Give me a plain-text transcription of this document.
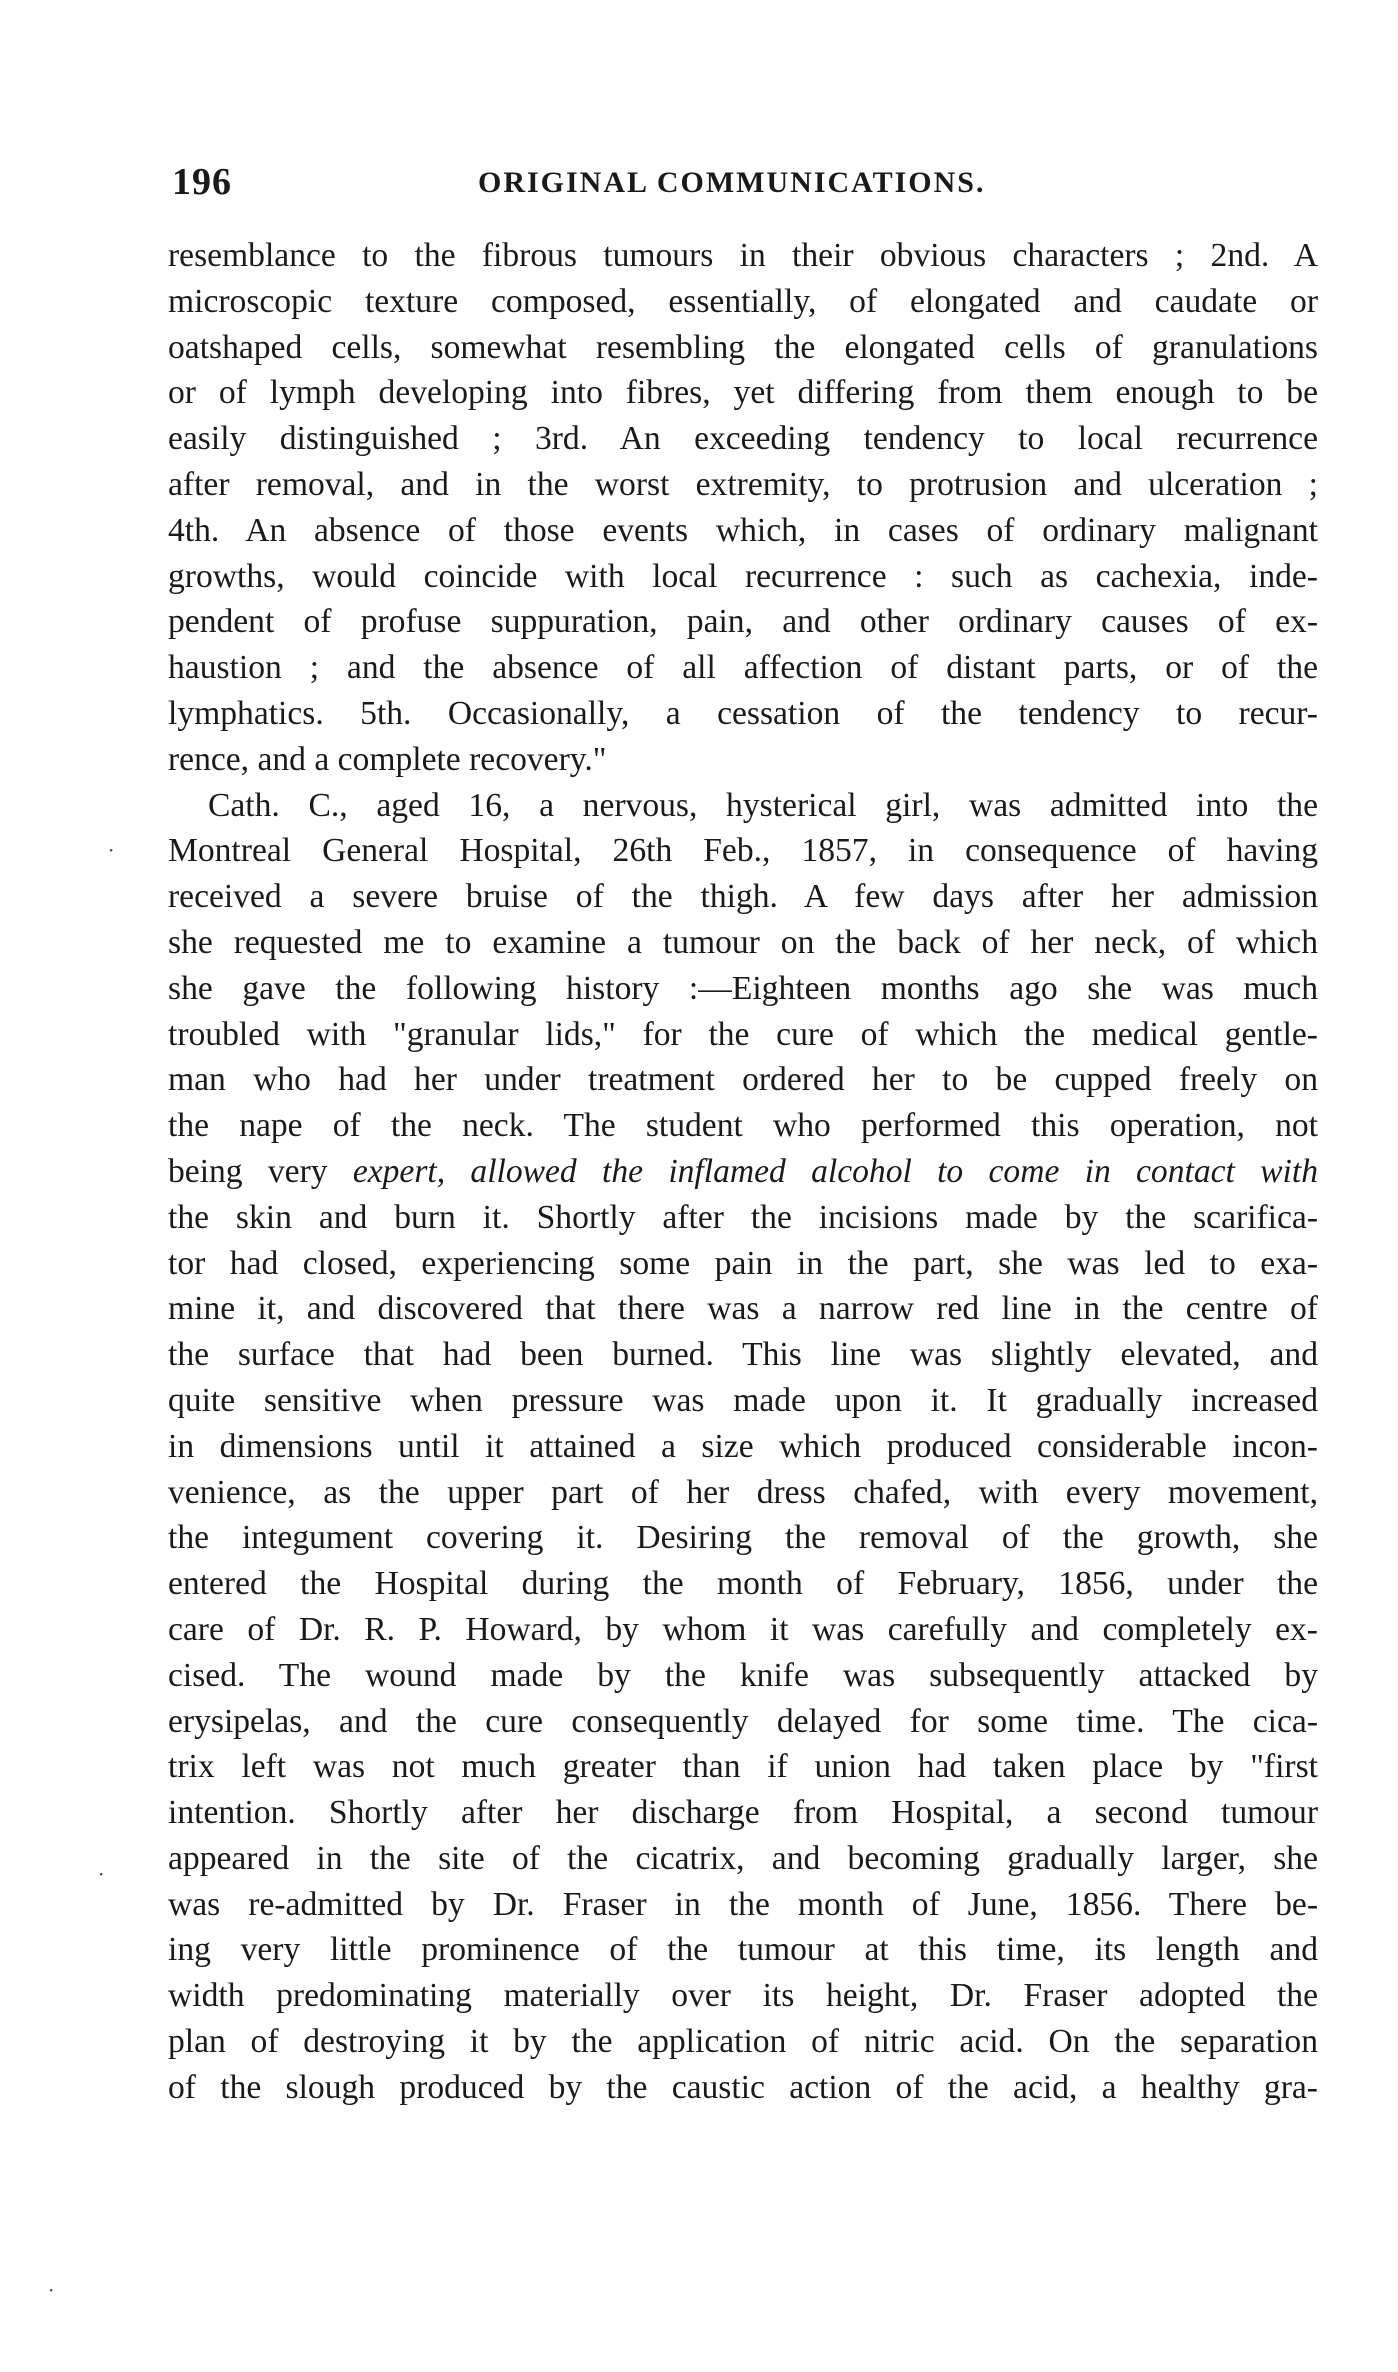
196	ORIGINAL COMMUNICATIONS.
resemblance to the fibrous tumours in their obvious characters ; 2nd. A
microscopic texture composed, essentially, of elongated and caudate or
oatshaped cells, somewhat resembling the elongated cells of granulations
or of lymph developing into fibres, yet differing from them enough to be
easily distinguished ; 3rd. An exceeding tendency to local recurrence
after removal, and in the worst extremity, to protrusion and ulceration ;
4th. An absence of those events which, in cases of ordinary malignant
growths, would coincide with local recurrence : such as cachexia, inde-
pendent of profuse suppuration, pain, and other ordinary causes of ex-
haustion ; and the absence of all affection of distant parts, or of the
lymphatics. 5th. Occasionally, a cessation of the tendency to recur-
rence, and a complete recovery."
Cath. C., aged 16, a nervous, hysterical girl, was admitted into the
Montreal General Hospital, 26th Feb., 1857, in consequence of having
received a severe bruise of the thigh. A few days after her admission
she requested me to examine a tumour on the back of her neck, of which
she gave the following history :—Eighteen months ago she was much
troubled with "granular lids," for the cure of which the medical gentle-
man who had her under treatment ordered her to be cupped freely on
the nape of the neck. The student who performed this operation, not
being very expert, allowed the inflamed alcohol to come in contact with
the skin and burn it. Shortly after the incisions made by the scarifica-
tor had closed, experiencing some pain in the part, she was led to exa-
mine it, and discovered that there was a narrow red line in the centre of
the surface that had been burned. This line was slightly elevated, and
quite sensitive when pressure was made upon it. It gradually increased
in dimensions until it attained a size which produced considerable incon-
venience, as the upper part of her dress chafed, with every movement,
the integument covering it. Desiring the removal of the growth, she
entered the Hospital during the month of February, 1856, under the
care of Dr. R. P. Howard, by whom it was carefully and completely ex-
cised. The wound made by the knife was subsequently attacked by
erysipelas, and the cure consequently delayed for some time. The cica-
trix left was not much greater than if union had taken place by "first
intention. Shortly after her discharge from Hospital, a second tumour
appeared in the site of the cicatrix, and becoming gradually larger, she
was re-admitted by Dr. Fraser in the month of June, 1856. There be-
ing very little prominence of the tumour at this time, its length and
width predominating materially over its height, Dr. Fraser adopted the
plan of destroying it by the application of nitric acid. On the separation
of the slough produced by the caustic action of the acid, a healthy gra-
·
·
·
